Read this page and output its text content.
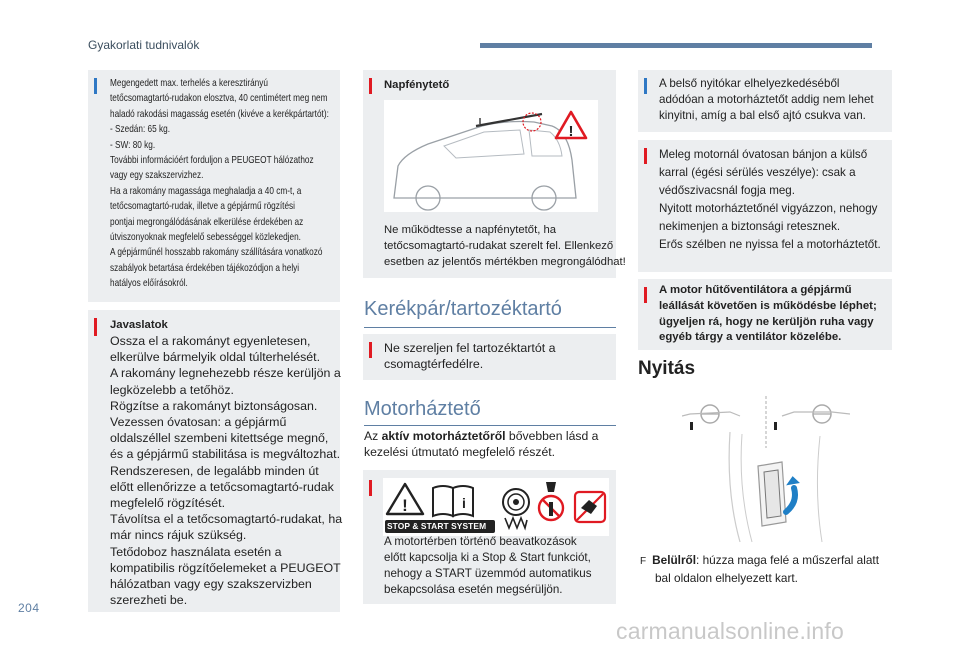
Gyakorlati tudnivalók
204
carmanualsonline.info
Megengedett max. terhelés a keresztirányú
tetőcsomagtartó-rudakon elosztva, 40 centimétert meg nem
haladó rakodási magasság esetén (kivéve a kerékpártartót):
- Szedán: 65 kg.
- SW: 80 kg.
További információért forduljon a PEUGEOT hálózathoz
vagy egy szakszervizhez.
Ha a rakomány magassága meghaladja a 40 cm-t, a
tetőcsomagtartó-rudak, illetve a gépjármű rögzítési
pontjai megrongálódásának elkerülése érdekében az
útviszonyoknak megfelelő sebességgel közlekedjen.
A gépjárműnél hosszabb rakomány szállítására vonatkozó
szabályok betartása érdekében tájékozódjon a helyi
hatályos előírásokról.
Javaslatok
Ossza el a rakományt egyenletesen,
elkerülve bármelyik oldal túlterhelését.
A rakomány legnehezebb része kerüljön a
legközelebb a tetőhöz.
Rögzítse a rakományt biztonságosan.
Vezessen óvatosan: a gépjármű
oldalszéllel szembeni kitettsége megnő,
és a gépjármű stabilitása is megváltozhat.
Rendszeresen, de legalább minden út
előtt ellenőrizze a tetőcsomagtartó-rudak
megfelelő rögzítését.
Távolítsa el a tetőcsomagtartó-rudakat, ha
már nincs rájuk szükség.
Tetődoboz használata esetén a
kompatibilis rögzítőelemeket a PEUGEOT
hálózatban vagy egy szakszervizben
szerezheti be.
Napfénytető
!
Ne működtesse a napfénytetőt, ha
tetőcsomagtartó-rudakat szerelt fel. Ellenkező
esetben az jelentős mértékben megrongálódhat!
Kerékpár/tartozéktartó
Ne szereljen fel tartozéktartót a
csomagtérfedélre.
Motorháztető
Az aktív motorháztetőről bővebben lásd a
kezelési útmutató megfelelő részét.
!	i
STOP & START SYSTEM
A motortérben történő beavatkozások
előtt kapcsolja ki a Stop & Start funkciót,
nehogy a START üzemmód automatikus
bekapcsolása esetén megsérüljön.
A belső nyitókar elhelyezkedéséből
adódóan a motorháztetőt addig nem lehet
kinyitni, amíg a bal első ajtó csukva van.
Meleg motornál óvatosan bánjon a külső
karral (égési sérülés veszélye): csak a
védőszivacsnál fogja meg.
Nyitott motorháztetőnél vigyázzon, nehogy
nekimenjen a biztonsági retesznek.
Erős szélben ne nyissa fel a motorháztetőt.
A motor hűtőventilátora a gépjármű
leállását követően is működésbe léphet;
ügyeljen rá, hogy ne kerüljön ruha vagy
egyéb tárgy a ventilátor közelébe.
Nyitás
F Belülről: húzza maga felé a műszerfal alatt
bal oldalon elhelyezett kart.
